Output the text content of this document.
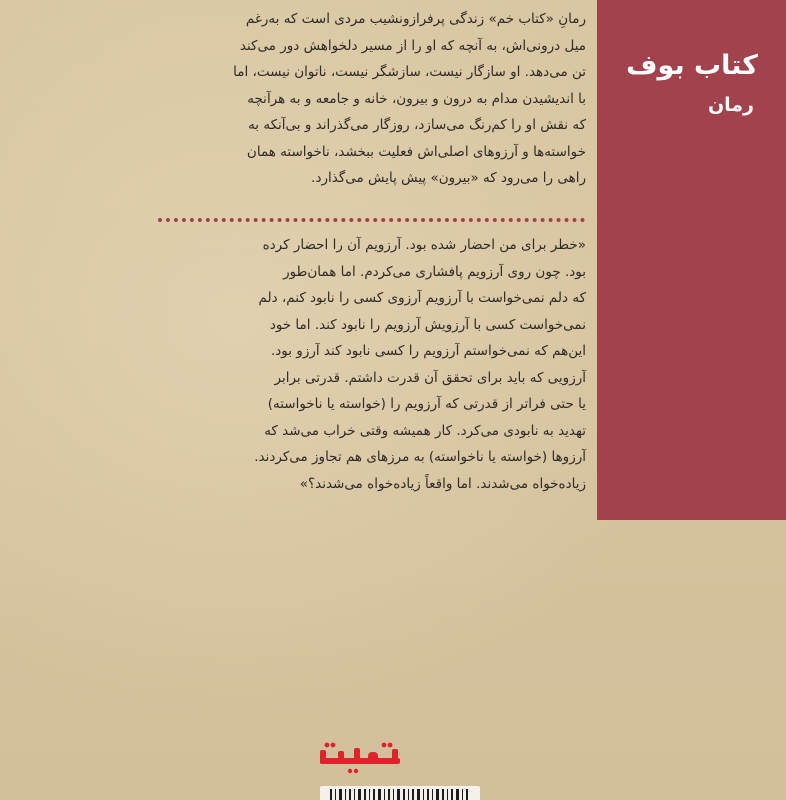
کتاب بوف
رمان
رمانِ «کتاب خم» زندگی پرفرازونشیب مردی است که به‌رغم
میل درونی‌اش، به آنچه که او را از مسیر دلخواهش دور می‌کند
تن می‌دهد. او سازگار نیست، سازشگر نیست، ناتوان نیست، اما
با اندیشیدن مدام به درون و بیرون، خانه و جامعه و به هرآنچه
که نقش او را کم‌رنگ می‌سازد، روزگار می‌گذراند و بی‌آنکه به
خواسته‌ها و آرزوهای اصلی‌اش فعلیت ببخشد، ناخواسته همان
راهی را می‌رود که «بیرون» پیش پایش می‌گذارد.
«خطر برای من احضار شده بود. آرزویم آن را احضار کرده
بود. چون روی آرزویم پافشاری می‌کردم. اما همان‌طور
که دلم نمی‌خواست با آرزویم آرزوی کسی را نابود کنم، دلم
نمی‌خواست کسی با آرزویش آرزویم را نابود کند. اما خود
این‌هم که نمی‌خواستم آرزویم را کسی نابود کند آرزو بود.
آرزویی که باید برای تحقق آن قدرت داشتم. قدرتی برابر
یا حتی فراتر از قدرتی که آرزویم را (خواسته یا ناخواسته)
تهدید به نابودی می‌کرد. کار همیشه وقتی خراب می‌شد که
آرزوها (خواسته یا ناخواسته) به مرزهای هم تجاوز می‌کردند.
زیاده‌خواه می‌شدند. اما واقعاً زیاده‌خواه می‌شدند؟»
